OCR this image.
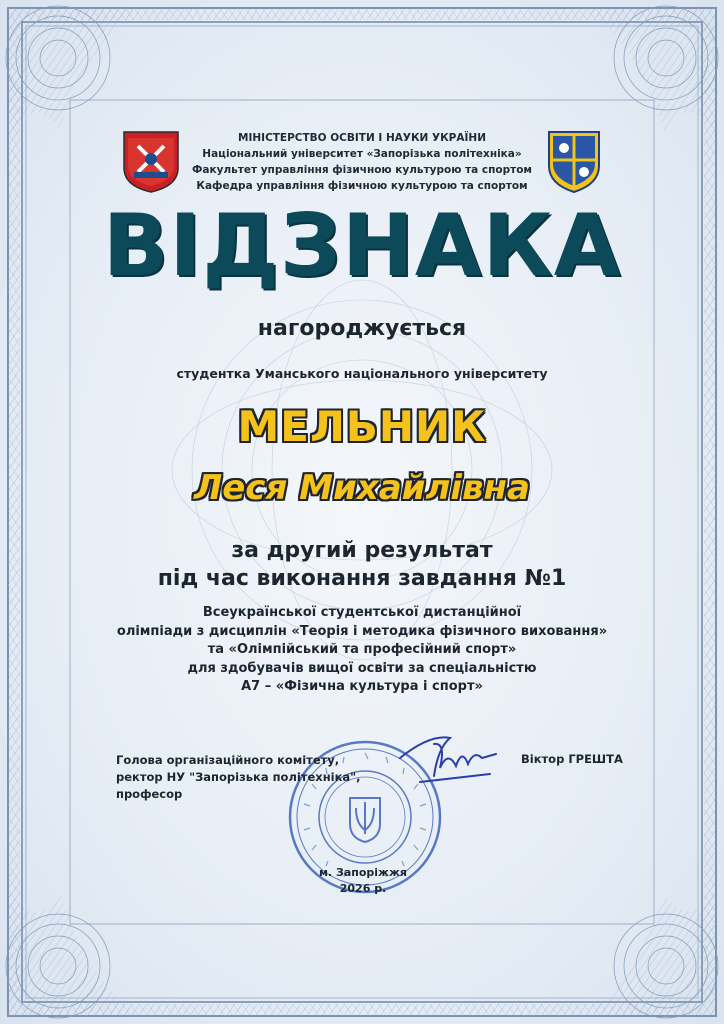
МІНІСТЕРСТВО ОСВІТИ І НАУКИ УКРАЇНИ
Національний університет «Запорізька політехніка»
Факультет управління фізичною культурою та спортом
Кафедра управління фізичною культурою та спортом
ВІДЗНАКА
нагороджується
студентка Уманського національного університету
МЕЛЬНИК
Леся Михайлівна
за другий результат
під час виконання завдання №1
Всеукраїнської студентської дистанційної
олімпіади з дисциплін «Теорія і методика фізичного виховання»
та «Олімпійський та професійний спорт»
для здобувачів вищої освіти за спеціальністю
А7 – «Фізична культура і спорт»
Голова організаційного комітету,
ректор НУ "Запорізька політехніка",
професор
Віктор ГРЕШТА
м. Запоріжжя
2026 р.
